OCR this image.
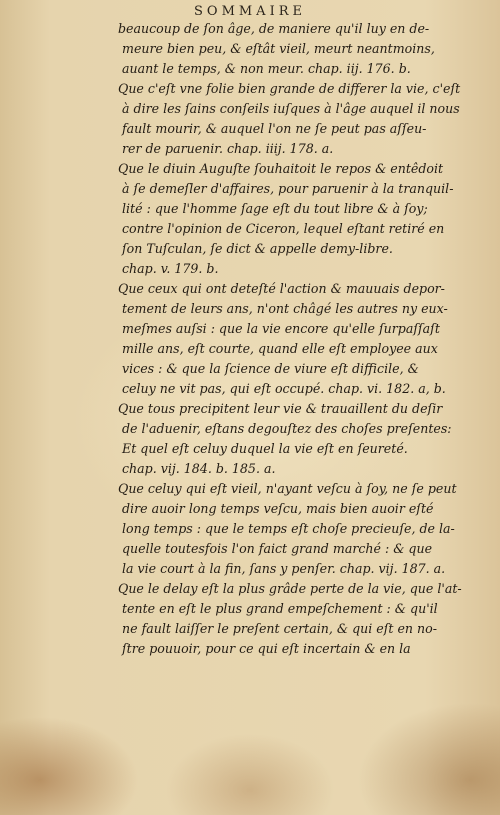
SOMMAIRE
beaucoup de ſon âge, de maniere qu'il luy en de-
meure bien peu, & eſtât vieil, meurt neantmoins,
auant le temps, & non meur. chap. iij. 176. b.
Que c'eſt vne folie bien grande de differer la vie, c'eſt
à dire les ſains conſeils iuſques à l'âge auquel il nous
fault mourir, & auquel l'on ne ſe peut pas aſſeu-
rer de paruenir. chap. iiij. 178. a.
Que le diuin Auguſte ſouhaitoit le repos & entêdoit
à ſe demeſler d'affaires, pour paruenir à la tranquil-
lité : que l'homme ſage eſt du tout libre & à ſoy;
contre l'opinion de Ciceron, lequel eſtant retiré en
ſon Tuſculan, ſe dict & appelle demy-libre.
chap. v. 179. b.
Que ceux qui ont deteſté l'action & mauuais depor-
tement de leurs ans, n'ont châgé les autres ny eux-
meſmes auſsi : que la vie encore qu'elle ſurpaſſaſt
mille ans, eſt courte, quand elle eſt employee aux
vices : & que la ſcience de viure eſt difficile, &
celuy ne vit pas, qui eſt occupé. chap. vi. 182. a, b.
Que tous precipitent leur vie & trauaillent du deſir
de l'aduenir, eſtans degouſtez des choſes preſentes:
Et quel eſt celuy duquel la vie eſt en ſeureté.
chap. vij. 184. b. 185. a.
Que celuy qui eſt vieil, n'ayant veſcu à ſoy, ne ſe peut
dire auoir long temps veſcu, mais bien auoir eſté
long temps : que le temps eſt choſe precieuſe, de la-
quelle toutesfois l'on faict grand marché : & que
la vie court à la fin, ſans y penſer. chap. vij. 187. a.
Que le delay eſt la plus grâde perte de la vie, que l'at-
tente en eſt le plus grand empeſchement : & qu'il
ne fault laiſſer le preſent certain, & qui eſt en no-
ſtre pouuoir, pour ce qui eſt incertain & en la
